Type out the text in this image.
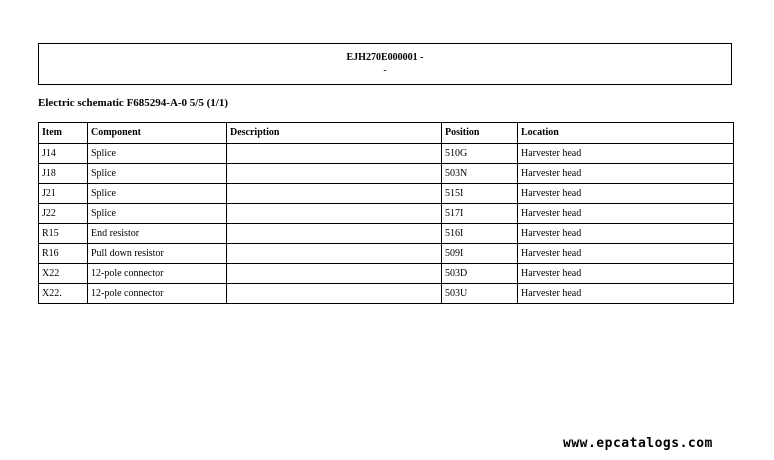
EJH270E000001 -
-
Electric schematic F685294-A-0 5/5 (1/1)
Item	Component	Description	Position	Location
J14	Splice		510G	Harvester head
J18	Splice		503N	Harvester head
J21	Splice		515I	Harvester head
J22	Splice		517I	Harvester head
R15	End resistor		516I	Harvester head
R16	Pull down resistor		509I	Harvester head
X22	12-pole connector		503D	Harvester head
X22.	12-pole connector		503U	Harvester head
www.epcatalogs.com
